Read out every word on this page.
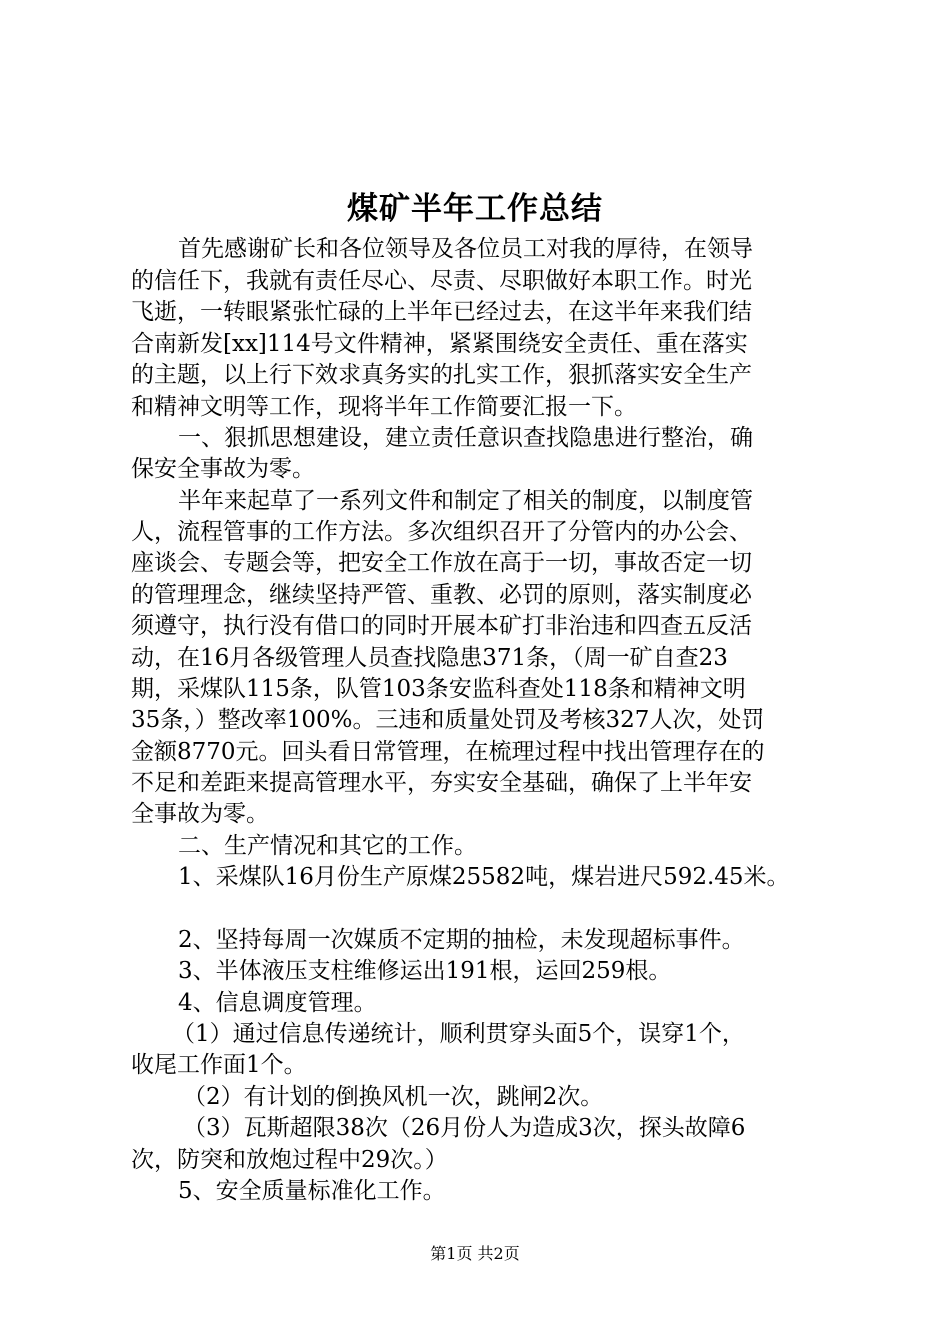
煤矿半年工作总结
首先感谢矿长和各位领导及各位员工对我的厚待，在领导
的信任下，我就有责任尽心、尽责、尽职做好本职工作。时光
飞逝，一转眼紧张忙碌的上半年已经过去，在这半年来我们结
合南新发[xx]114号文件精神，紧紧围绕安全责任、重在落实
的主题，以上行下效求真务实的扎实工作，狠抓落实安全生产
和精神文明等工作，现将半年工作简要汇报一下。
一、狠抓思想建设，建立责任意识查找隐患进行整治，确
保安全事故为零。
半年来起草了一系列文件和制定了相关的制度，以制度管
人，流程管事的工作方法。多次组织召开了分管内的办公会、
座谈会、专题会等，把安全工作放在高于一切，事故否定一切
的管理理念，继续坚持严管、重教、必罚的原则，落实制度必
须遵守，执行没有借口的同时开展本矿打非治违和四查五反活
动，在16月各级管理人员查找隐患371条，（周一矿自查23
期，采煤队115条，队管103条安监科查处118条和精神文明
35条，）整改率100%。三违和质量处罚及考核327人次，处罚
金额8770元。回头看日常管理，在梳理过程中找出管理存在的
不足和差距来提高管理水平，夯实安全基础，确保了上半年安
全事故为零。
二、生产情况和其它的工作。
1、采煤队16月份生产原煤25582吨，煤岩进尺592.45米。
2、坚持每周一次媒质不定期的抽检，未发现超标事件。
3、半体液压支柱维修运出191根，运回259根。
4、信息调度管理。
（1）通过信息传递统计，顺利贯穿头面5个，误穿1个，
收尾工作面1个。
（2）有计划的倒换风机一次，跳闸2次。
（3）瓦斯超限38次（26月份人为造成3次，探头故障6
次，防突和放炮过程中29次。）
5、安全质量标准化工作。
第1页 共2页
